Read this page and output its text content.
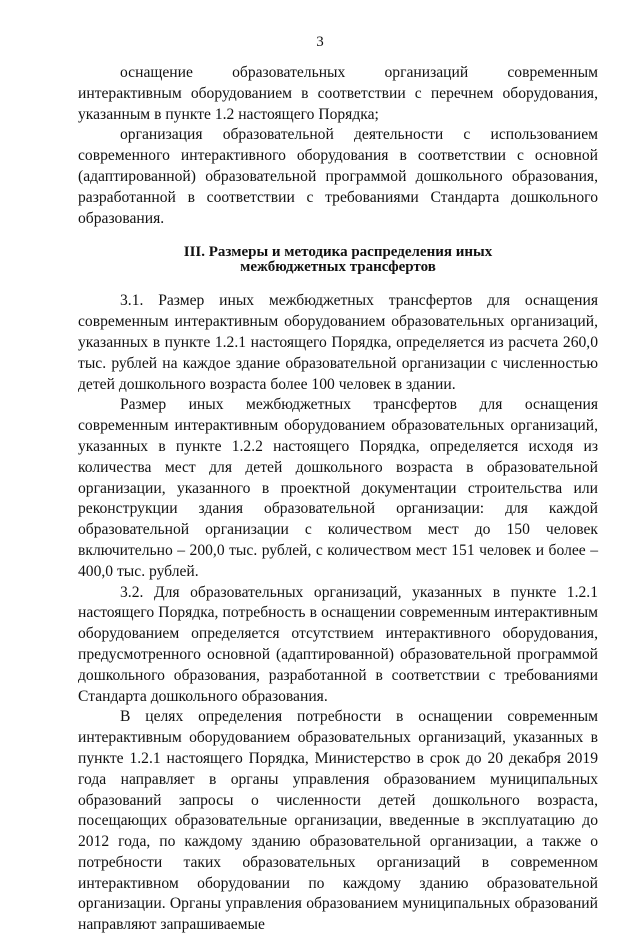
3

оснащение образовательных организаций современным интерактивным оборудованием в соответствии с перечнем оборудования, указанным в пункте 1.2 настоящего Порядка;

организация образовательной деятельности с использованием современного интерактивного оборудования в соответствии с основной (адаптированной) образовательной программой дошкольного образования, разработанной в соответствии с требованиями Стандарта дошкольного образования.

III. Размеры и методика распределения иных
межбюджетных трансфертов

3.1. Размер иных межбюджетных трансфертов для оснащения современным интерактивным оборудованием образовательных организаций, указанных в пункте 1.2.1 настоящего Порядка, определяется из расчета 260,0 тыс. рублей на каждое здание образовательной организации с численностью детей дошкольного возраста более 100 человек в здании.

Размер иных межбюджетных трансфертов для оснащения современным интерактивным оборудованием образовательных организаций, указанных в пункте 1.2.2 настоящего Порядка, определяется исходя из количества мест для детей дошкольного возраста в образовательной организации, указанного в проектной документации строительства или реконструкции здания образовательной организации: для каждой образовательной организации с количеством мест до 150 человек включительно – 200,0 тыс. рублей, с количеством мест 151 человек и более – 400,0 тыс. рублей.

3.2. Для образовательных организаций, указанных в пункте 1.2.1 настоящего Порядка, потребность в оснащении современным интерактивным оборудованием определяется отсутствием интерактивного оборудования, предусмотренного основной (адаптированной) образовательной программой дошкольного образования, разработанной в соответствии с требованиями Стандарта дошкольного образования.

В целях определения потребности в оснащении современным интерактивным оборудованием образовательных организаций, указанных в пункте 1.2.1 настоящего Порядка, Министерство в срок до 20 декабря 2019 года направляет в органы управления образованием муниципальных образований запросы о численности детей дошкольного возраста, посещающих образовательные организации, введенные в эксплуатацию до 2012 года, по каждому зданию образовательной организации, а также о потребности таких образовательных организаций в современном интерактивном оборудовании по каждому зданию образовательной организации. Органы управления образованием муниципальных образований направляют запрашиваемые
